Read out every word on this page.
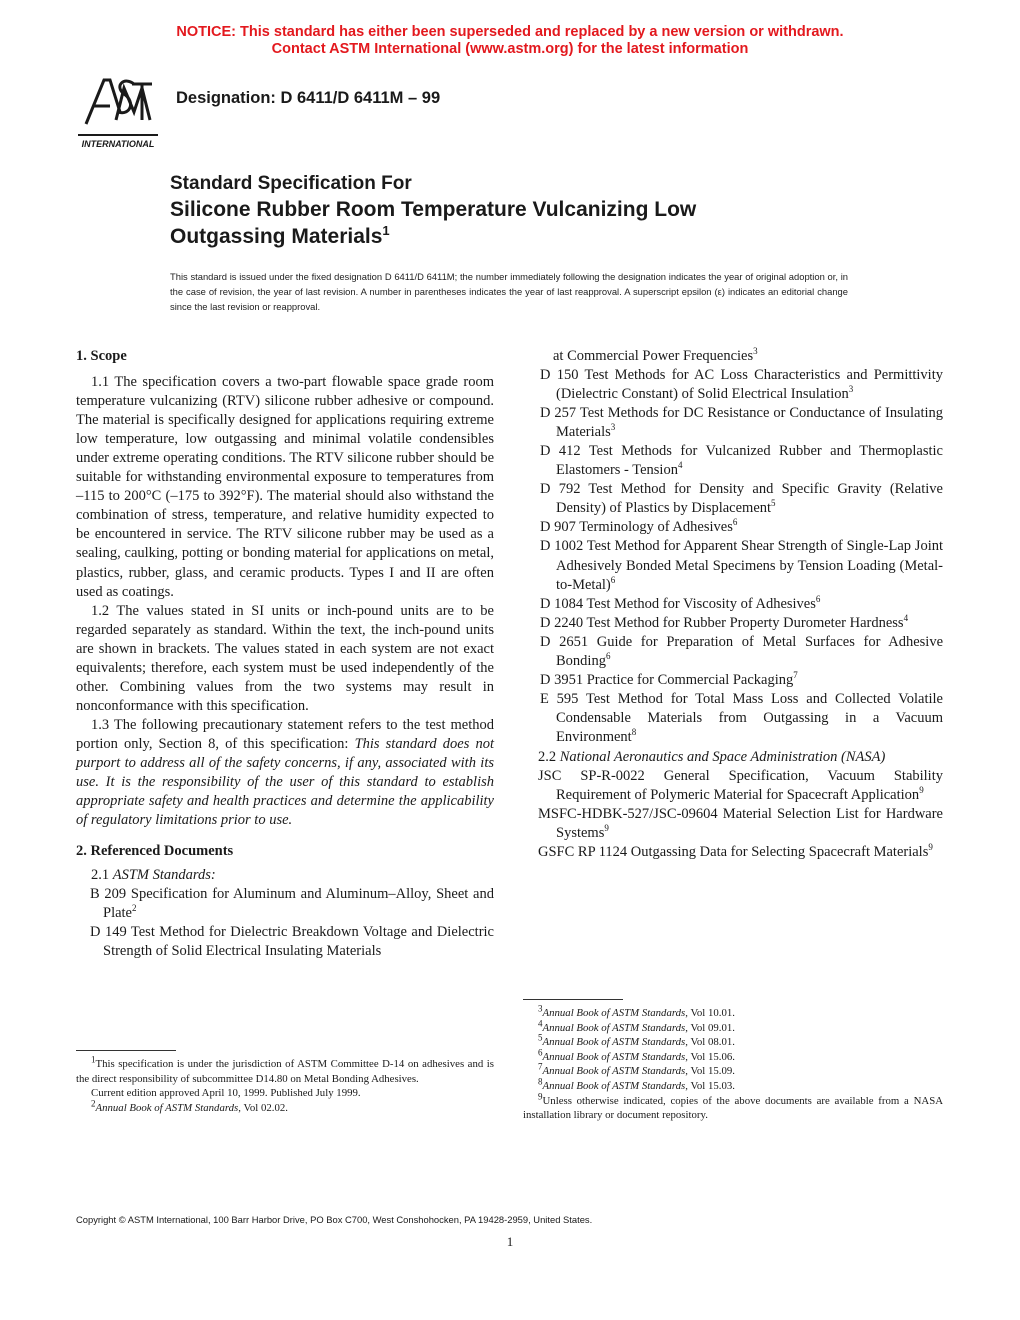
NOTICE: This standard has either been superseded and replaced by a new version or withdrawn.
Contact ASTM International (www.astm.org) for the latest information
INTERNATIONAL
Designation: D 6411/D 6411M – 99
Standard Specification For
Silicone Rubber Room Temperature Vulcanizing Low
Outgassing Materials$^1$
This standard is issued under the fixed designation D 6411/D 6411M; the number immediately following the designation indicates the year of original adoption or, in the case of revision, the year of last revision. A number in parentheses indicates the year of last reapproval. A superscript epsilon (ε) indicates an editorial change since the last revision or reapproval.
1. Scope

1.1 The specification covers a two-part flowable space grade room temperature vulcanizing (RTV) silicone rubber adhesive or compound. The material is specifically designed for applications requiring extreme low temperature, low outgassing and minimal volatile condensibles under extreme operating conditions. The RTV silicone rubber should be suitable for withstanding environmental exposure to temperatures from –115 to 200°C (–175 to 392°F). The material should also withstand the combination of stress, temperature, and relative humidity expected to be encountered in service. The RTV silicone rubber may be used as a sealing, caulking, potting or bonding material for applications on metal, plastics, rubber, glass, and ceramic products. Types I and II are often used as coatings.

1.2 The values stated in SI units or inch-pound units are to be regarded separately as standard. Within the text, the inch-pound units are shown in brackets. The values stated in each system are not exact equivalents; therefore, each system must be used independently of the other. Combining values from the two systems may result in nonconformance with this specification.

1.3 The following precautionary statement refers to the test method portion only, Section 8, of this specification: This standard does not purport to address all of the safety concerns, if any, associated with its use. It is the responsibility of the user of this standard to establish appropriate safety and health practices and determine the applicability of regulatory limitations prior to use.

2. Referenced Documents

2.1 ASTM Standards:

B 209 Specification for Aluminum and Aluminum–Alloy, Sheet and Plate$^2$

D 149 Test Method for Dielectric Breakdown Voltage and Dielectric Strength of Solid Electrical Insulating Materials

$^1$This specification is under the jurisdiction of ASTM Committee D-14 on adhesives and is the direct responsibility of subcommittee D14.80 on Metal Bonding Adhesives.

Current edition approved April 10, 1999. Published July 1999.

$^2$Annual Book of ASTM Standards, Vol 02.02.

at Commercial Power Frequencies$^3$

D 150 Test Methods for AC Loss Characteristics and Permittivity (Dielectric Constant) of Solid Electrical Insulation$^3$

D 257 Test Methods for DC Resistance or Conductance of Insulating Materials$^3$

D 412 Test Methods for Vulcanized Rubber and Thermoplastic Elastomers - Tension$^4$

D 792 Test Method for Density and Specific Gravity (Relative Density) of Plastics by Displacement$^5$

D 907 Terminology of Adhesives$^6$

D 1002 Test Method for Apparent Shear Strength of Single-Lap Joint Adhesively Bonded Metal Specimens by Tension Loading (Metal-to-Metal)$^6$

D 1084 Test Method for Viscosity of Adhesives$^6$

D 2240 Test Method for Rubber Property Durometer Hardness$^4$

D 2651 Guide for Preparation of Metal Surfaces for Adhesive Bonding$^6$

D 3951 Practice for Commercial Packaging$^7$

E 595 Test Method for Total Mass Loss and Collected Volatile Condensable Materials from Outgassing in a Vacuum Environment$^8$

2.2 National Aeronautics and Space Administration (NASA)

JSC SP-R-0022 General Specification, Vacuum Stability Requirement of Polymeric Material for Spacecraft Application$^9$

MSFC-HDBK-527/JSC-09604 Material Selection List for Hardware Systems$^9$

GSFC RP 1124 Outgassing Data for Selecting Spacecraft Materials$^9$

$^3$Annual Book of ASTM Standards, Vol 10.01.

$^4$Annual Book of ASTM Standards, Vol 09.01.

$^5$Annual Book of ASTM Standards, Vol 08.01.

$^6$Annual Book of ASTM Standards, Vol 15.06.

$^7$Annual Book of ASTM Standards, Vol 15.09.

$^8$Annual Book of ASTM Standards, Vol 15.03.

$^9$Unless otherwise indicated, copies of the above documents are available from a NASA installation library or document repository.

Copyright © ASTM International, 100 Barr Harbor Drive, PO Box C700, West Conshohocken, PA 19428-2959, United States.
1
